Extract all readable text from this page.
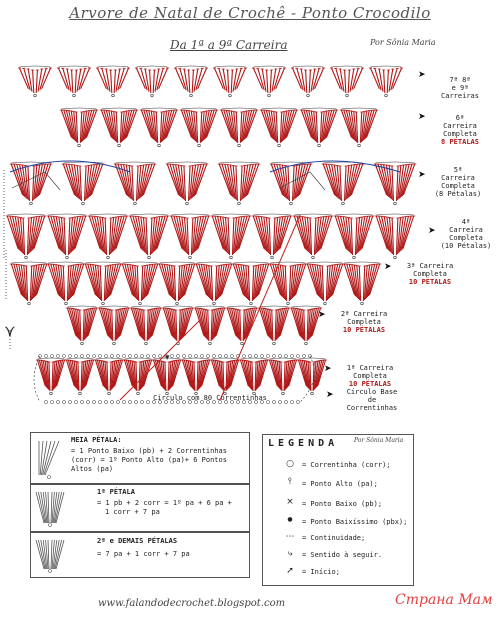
Arvore de Natal de Crochê - Ponto Crocodilo
Da 1ª a 9ª Carreira	Por Sônia Maria
⋎
▾
7ª 8ª
e 9ª
Carreiras
➤
6ª
Carreira
Completa
8 PÉTALAS
➤
5ª
Carreira
Completa
(8 Pétalas)
➤
4ª
Carreira
Completa
(10 Pétalas)
➤
3ª Carreira
Completa
10 PÉTALAS
➤
2ª Carreira
Completa
10 PÉTALAS
➤
1ª Carreira
Completa
10 PÉTALAS
➤
Círculo Base
de
Correntinhas
➤
Círculo com 80 Correntinhas
MEIA PÉTALA:
= 1 Ponto Baixo (pb) + 2 Correntinhas (corr) = 1º Ponto Alto (pa)+ 6 Pontos Altos (pa)
1ª PÉTALA
= 1 pb + 2 corr = 1º pa + 6 pa +
1 corr + 7 pa
2ª e DEMAIS PÉTALAS
= 7 pa + 1 corr + 7 pa
LEGENDA	Por Sônia Maria
○	= Correntinha (corr);
⫯	= Ponto Alto (pa);
×	= Ponto Baixo (pb);
●	= Ponto Baixíssimo (pbx);
⋯	= Continuidade;
⤷	= Sentido à seguir.
➚	= Início;
www.falandodecrochet.blogspot.com	Страна Мам
